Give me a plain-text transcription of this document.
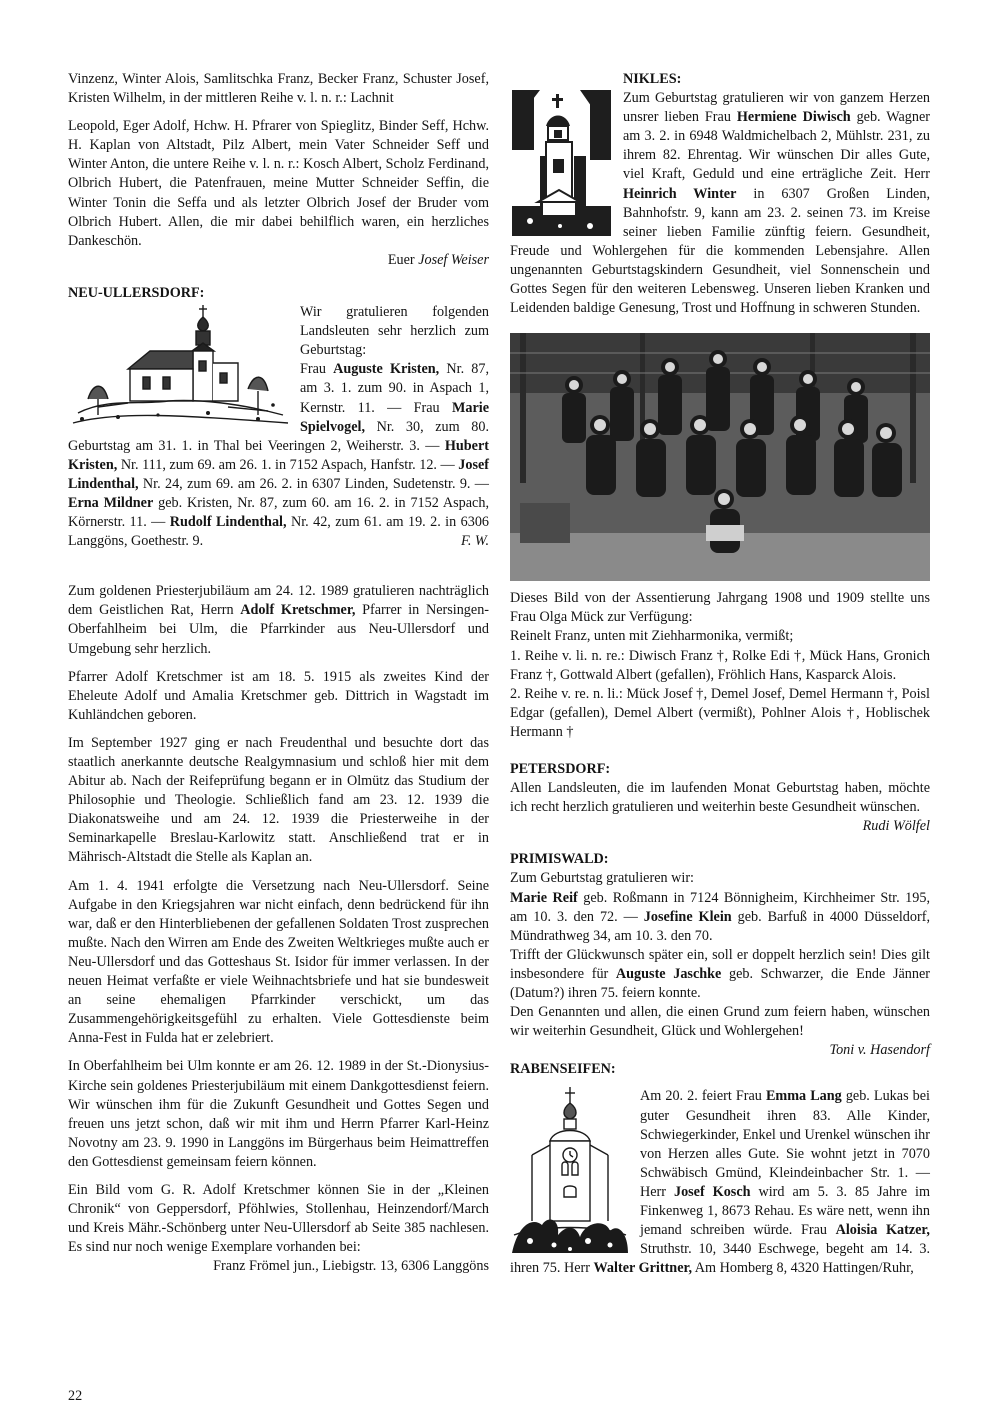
Vinzenz, Winter Alois, Samlitschka Franz, Becker Franz, Schuster Josef, Kristen Wilhelm, in der mittleren Reihe v. l. n. r.: Lachnit

Leopold, Eger Adolf, Hchw. H. Pfrarer von Spieglitz, Binder Seff, Hchw. H. Kaplan von Altstadt, Pilz Albert, mein Vater Schneider Seff und Winter Anton, die untere Reihe v. l. n. r.: Kosch Albert, Scholz Ferdinand, Olbrich Hubert, die Patenfrauen, meine Mutter Schneider Seffin, die Winter Tonin die Seffa und als letzter Olbrich Josef der Bruder vom Olbrich Hubert. Allen, die mir dabei behilflich waren, ein herzliches Dankeschön.

Euer Josef Weiser
NEU-ULLERSDORF:

Wir gratulieren folgenden Landsleuten sehr herzlich zum Geburtstag:
Frau Auguste Kristen, Nr. 87, am 3. 1. zum 90. in Aspach 1, Kernstr. 11. — Frau Marie Spielvogel, Nr. 30, zum 80. Geburtstag am 31. 1. in Thal bei Veeringen 2, Weiherstr. 3. — Hubert Kristen, Nr. 111, zum 69. am 26. 1. in 7152 Aspach, Hanfstr. 12. — Josef Lindenthal, Nr. 24, zum 69. am 26. 2. in 6307 Linden, Sudetenstr. 9. — Erna Mildner geb. Kristen, Nr. 87, zum 60. am 16. 2. in 7152 Aspach, Körnerstr. 11. — Rudolf Lindenthal, Nr. 42, zum 61. am 19. 2. in 6306 Langgöns, Goethestr. 9.	F. W.

Zum goldenen Priesterjubiläum am 24. 12. 1989 gratulieren nachträglich dem Geistlichen Rat, Herrn Adolf Kretschmer, Pfarrer in Nersingen-Oberfahlheim bei Ulm, die Pfarrkinder aus Neu-Ullersdorf und Umgebung sehr herzlich.

Pfarrer Adolf Kretschmer ist am 18. 5. 1915 als zweites Kind der Eheleute Adolf und Amalia Kretschmer geb. Dittrich in Wagstadt im Kuhländchen geboren.

Im September 1927 ging er nach Freudenthal und besuchte dort das staatlich anerkannte deutsche Realgymnasium und schloß hier mit dem Abitur ab. Nach der Reifeprüfung begann er in Olmütz das Studium der Philosophie und Theologie. Schließlich fand am 23. 12. 1939 die Diakonatsweihe und am 24. 12. 1939 die Priesterweihe in der Seminarkapelle Breslau-Karlowitz statt. Anschließend trat er in Mährisch-Altstadt die Stelle als Kaplan an.

Am 1. 4. 1941 erfolgte die Versetzung nach Neu-Ullersdorf. Seine Aufgabe in den Kriegsjahren war nicht einfach, denn bedrückend für ihn war, daß er den Hinterbliebenen der gefallenen Soldaten Trost zusprechen mußte. Nach den Wirren am Ende des Zweiten Weltkrieges mußte auch er Neu-Ullersdorf und das Gotteshaus St. Isidor für immer verlassen. In der neuen Heimat verfaßte er viele Weihnachtsbriefe und hat sie bundesweit an seine ehemaligen Pfarrkinder verschickt, um das Zusammengehörigkeitsgefühl zu erhalten. Viele Gottesdienste beim Anna-Fest in Fulda hat er zelebriert.

In Oberfahlheim bei Ulm konnte er am 26. 12. 1989 in der St.-Dionysius-Kirche sein goldenes Priesterjubiläum mit einem Dankgottesdienst feiern. Wir wünschen ihm für die Zukunft Gesundheit und Gottes Segen und freuen uns jetzt schon, daß wir mit ihm und Herrn Pfarrer Karl-Heinz Novotny am 23. 9. 1990 in Langgöns im Bürgerhaus beim Heimattreffen den Gottesdienst gemeinsam feiern können.

Ein Bild vom G. R. Adolf Kretschmer können Sie in der „Kleinen Chronik“ von Geppersdorf, Pföhlwies, Stollenhau, Heinzendorf/March und Kreis Mähr.-Schönberg unter Neu-Ullersdorf ab Seite 385 nachlesen. Es sind nur noch wenige Exemplare vorhanden bei:

Franz Frömel jun., Liebigstr. 13, 6306 Langgöns
NIKLES:

Zum Geburtstag gratulieren wir von ganzem Herzen unsrer lieben Frau Hermiene Diwisch geb. Wagner am 3. 2. in 6948 Waldmichelbach 2, Mühlstr. 231, zu ihrem 82. Ehrentag. Wir wünschen Dir alles Gute, viel Kraft, Geduld und eine erträgliche Zeit. Herr Heinrich Winter in 6307 Großen Linden, Bahnhofstr. 9, kann am 23. 2. seinen 73. im Kreise seiner lieben Familie zünftig feiern. Gesundheit, Freude und Wohlergehen für die kommenden Lebensjahre. Allen ungenannten Geburtstagskindern Gesundheit, viel Sonnenschein und Gottes Segen für den weiteren Lebensweg. Unseren lieben Kranken und Leidenden baldige Genesung, Trost und Hoffnung in schweren Stunden.

Dieses Bild von der Assentierung Jahrgang 1908 und 1909 stellte uns Frau Olga Mück zur Verfügung:
Reinelt Franz, unten mit Ziehharmonika, vermißt;
1. Reihe v. li. n. re.: Diwisch Franz †, Rolke Edi †, Mück Hans, Gronich Franz †, Gottwald Albert (gefallen), Fröhlich Hans, Kasparck Alois.
2. Reihe v. re. n. li.: Mück Josef †, Demel Josef, Demel Hermann †, Poisl Edgar (gefallen), Demel Albert (vermißt), Pohlner Alois †, Hoblischek Hermann †

PETERSDORF:

Allen Landsleuten, die im laufenden Monat Geburtstag haben, möchte ich recht herzlich gratulieren und weiterhin beste Gesundheit wünschen.
Rudi Wölfel

PRIMISWALD:

Zum Geburtstag gratulieren wir:
Marie Reif geb. Roßmann in 7124 Bönnigheim, Kirchheimer Str. 195, am 10. 3. den 72. — Josefine Klein geb. Barfuß in 4000 Düsseldorf, Mündrathweg 34, am 10. 3. den 70.
Trifft der Glückwunsch später ein, soll er doppelt herzlich sein! Dies gilt insbesondere für Auguste Jaschke geb. Schwarzer, die Ende Jänner (Datum?) ihren 75. feiern konnte.
Den Genannten und allen, die einen Grund zum feiern haben, wünschen wir weiterhin Gesundheit, Glück und Wohlergehen!

Toni v. Hasendorf
RABENSEIFEN:

Am 20. 2. feiert Frau Emma Lang geb. Lukas bei guter Gesundheit ihren 83. Alle Kinder, Schwiegerkinder, Enkel und Urenkel wünschen ihr von Herzen alles Gute. Sie wohnt jetzt in 7070 Schwäbisch Gmünd, Kleindeinbacher Str. 1. — Herr Josef Kosch wird am 5. 3. 85 Jahre im Finkenweg 1, 8673 Rehau. Es wäre nett, wenn ihn jemand schreiben würde. Frau Aloisia Katzer, Struthstr. 10, 3440 Eschwege, begeht am 14. 3. ihren 75. Herr Walter Grittner, Am Homberg 8, 4320 Hattingen/Ruhr,

22
